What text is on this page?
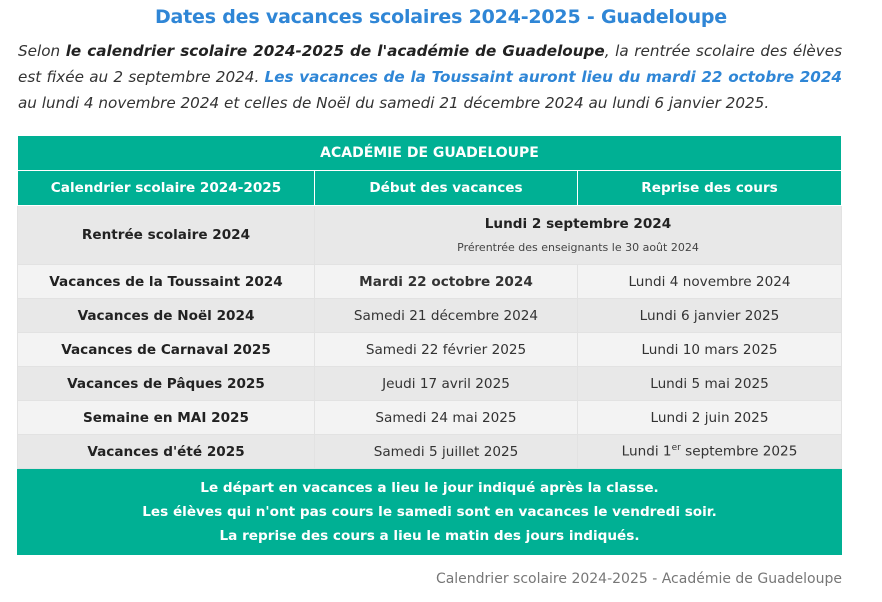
Dates des vacances scolaires 2024-2025 - Guadeloupe
Selon le calendrier scolaire 2024-2025 de l'académie de Guadeloupe, la rentrée scolaire des élèves est fixée au 2 septembre 2024. Les vacances de la Toussaint auront lieu du mardi 22 octobre 2024 au lundi 4 novembre 2024 et celles de Noël du samedi 21 décembre 2024 au lundi 6 janvier 2025.
ACADÉMIE DE GUADELOUPE		
Calendrier scolaire 2024-2025	Début des vacances	Reprise des cours
Rentrée scolaire 2024	Lundi 2 septembre 2024
Prérentrée des enseignants le 30 août 2024	

Vacances de la Toussaint 2024	Mardi 22 octobre 2024	Lundi 4 novembre 2024
Vacances de Noël 2024	Samedi 21 décembre 2024	Lundi 6 janvier 2025
Vacances de Carnaval 2025	Samedi 22 février 2025	Lundi 10 mars 2025
Vacances de Pâques 2025	Jeudi 17 avril 2025	Lundi 5 mai 2025
Semaine en MAI 2025	Samedi 24 mai 2025	Lundi 2 juin 2025
Vacances d'été 2025	Samedi 5 juillet 2025	Lundi 1er septembre 2025

Le départ en vacances a lieu le jour indiqué après la classe.
Les élèves qui n'ont pas cours le samedi sont en vacances le vendredi soir.
La reprise des cours a lieu le matin des jours indiqués.		
Calendrier scolaire 2024-2025 - Académie de Guadeloupe
